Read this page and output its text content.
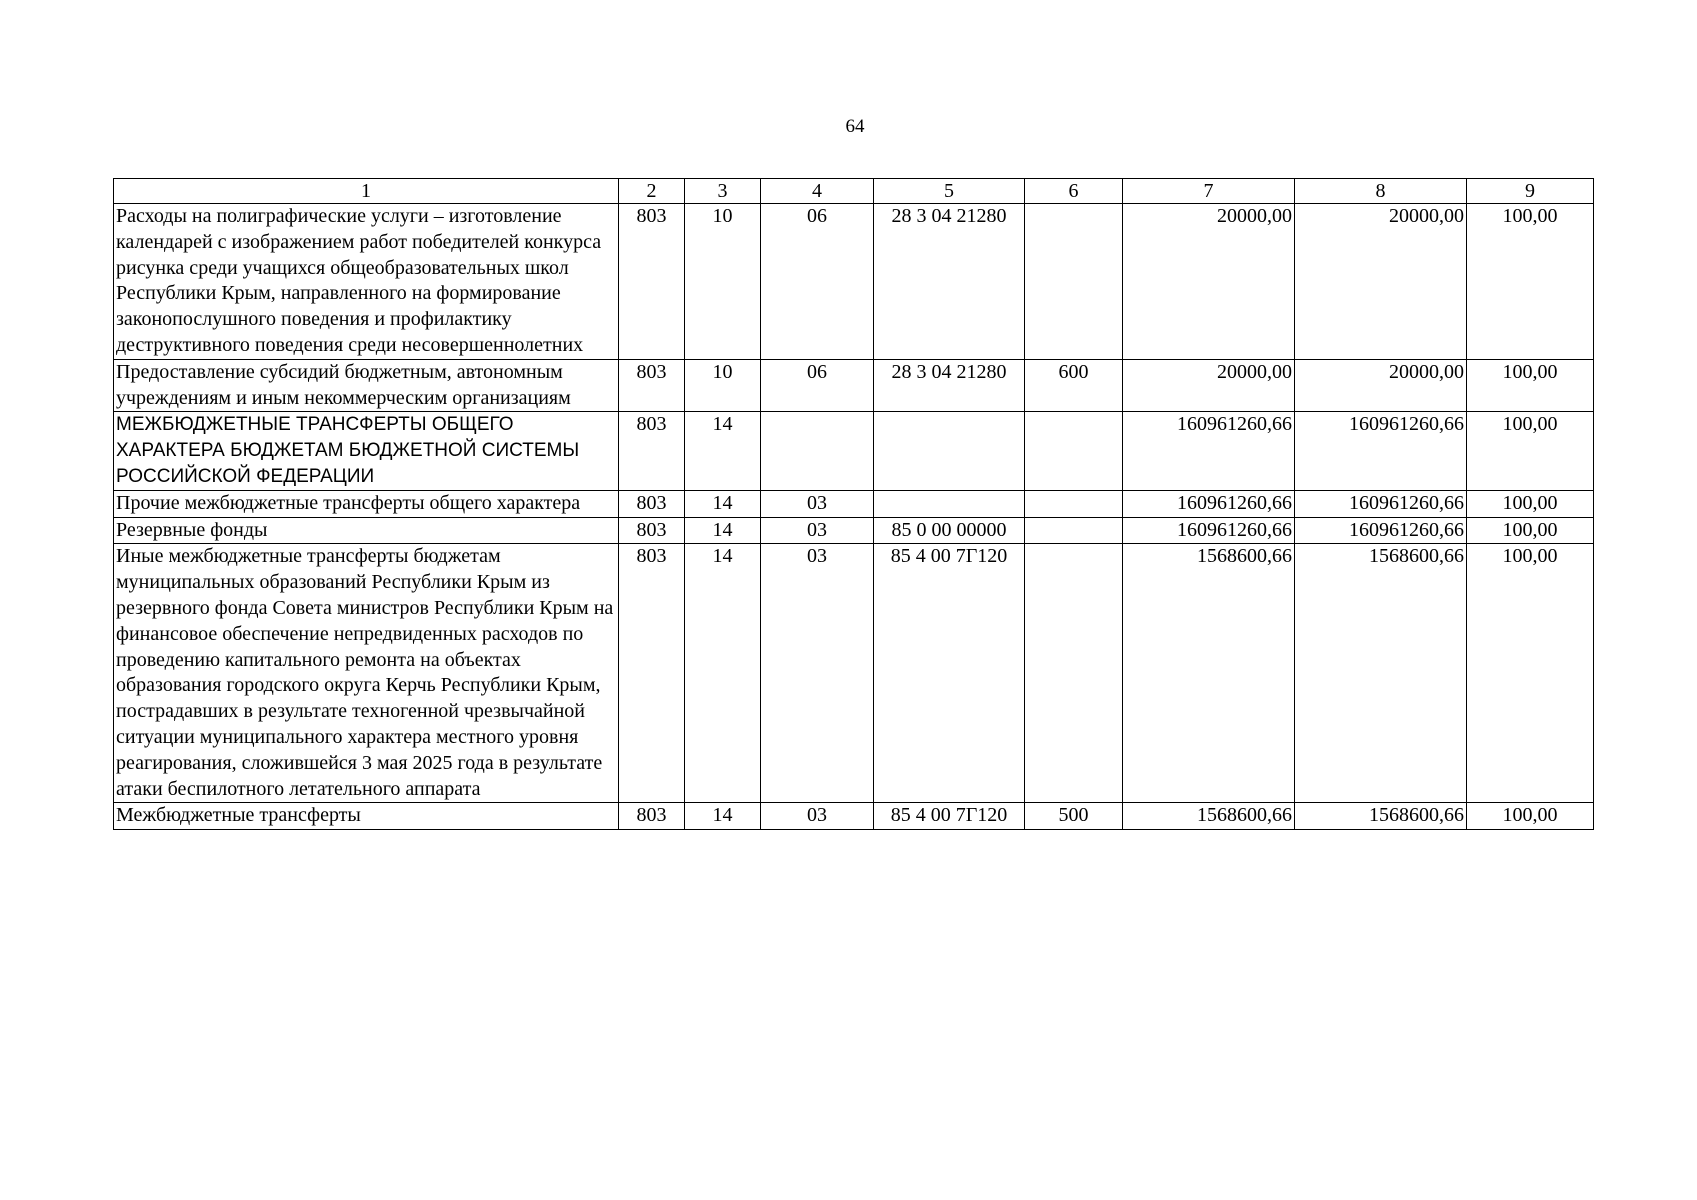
64
1	2	3	4	5	6	7	8	9
Расходы на полиграфические услуги – изготовление календарей с изображением работ победителей конкурса рисунка среди учащихся общеобразовательных школ Республики Крым, направленного на формирование законопослушного поведения и профилактику деструктивного поведения среди несовершеннолетних	803	10	06	28 3 04 21280		20000,00	20000,00	100,00
Предоставление субсидий бюджетным, автономным учреждениям и иным некоммерческим организациям	803	10	06	28 3 04 21280	600	20000,00	20000,00	100,00
МЕЖБЮДЖЕТНЫЕ ТРАНСФЕРТЫ ОБЩЕГО ХАРАКТЕРА БЮДЖЕТАМ БЮДЖЕТНОЙ СИСТЕМЫ РОССИЙСКОЙ ФЕДЕРАЦИИ	803	14				160961260,66	160961260,66	100,00
Прочие межбюджетные трансферты общего характера	803	14	03			160961260,66	160961260,66	100,00
Резервные фонды	803	14	03	85 0 00 00000		160961260,66	160961260,66	100,00
Иные межбюджетные трансферты бюджетам муниципальных образований Республики Крым из резервного фонда Совета министров Республики Крым на финансовое обеспечение непредвиденных расходов по проведению капитального ремонта на объектах образования городского округа Керчь Республики Крым, пострадавших в результате техногенной чрезвычайной ситуации муниципального характера местного уровня реагирования, сложившейся 3 мая 2025 года в результате атаки беспилотного летательного аппарата	803	14	03	85 4 00 7Г120		1568600,66	1568600,66	100,00
Межбюджетные трансферты	803	14	03	85 4 00 7Г120	500	1568600,66	1568600,66	100,00
